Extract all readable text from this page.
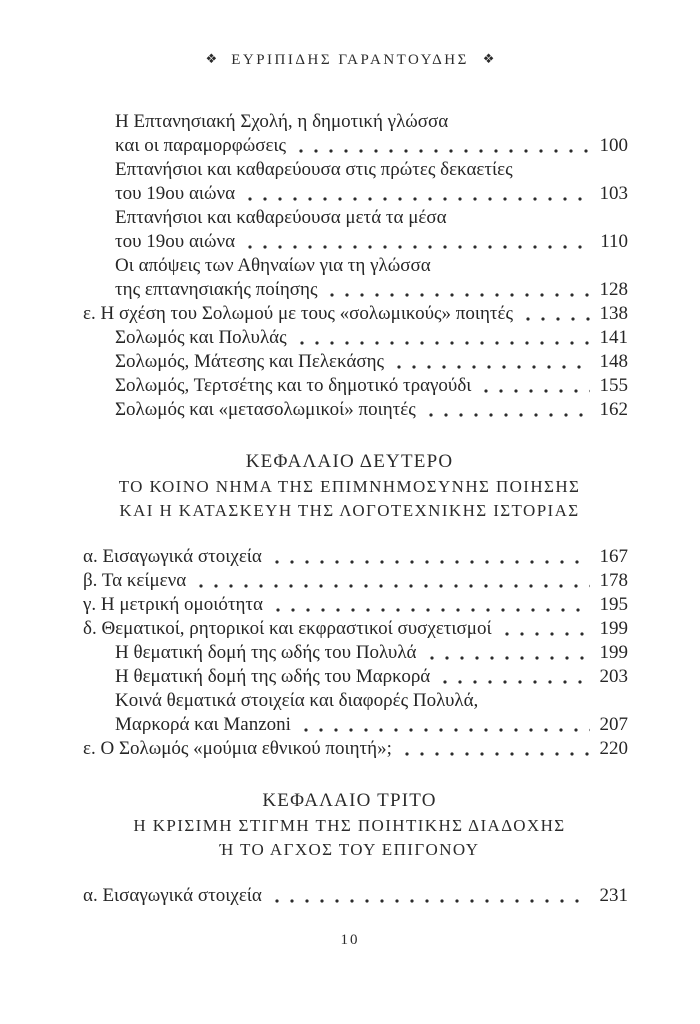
❖ ΕΥΡΙΠΙΔΗΣ ΓΑΡΑΝΤΟΥΔΗΣ ❖
Η Επτανησιακή Σχολή, η δημοτική γλώσσα
και οι παραμορφώσεις	100
Επτανήσιοι και καθαρεύουσα στις πρώτες δεκαετίες
του 19ου αιώνα	103
Επτανήσιοι και καθαρεύουσα μετά τα μέσα
του 19ου αιώνα	110
Οι απόψεις των Αθηναίων για τη γλώσσα
της επτανησιακής ποίησης	128
ε. Η σχέση του Σολωμού με τους «σολωμικούς» ποιητές	138
Σολωμός και Πολυλάς	141
Σολωμός, Μάτεσης και Πελεκάσης	148
Σολωμός, Τερτσέτης και το δημοτικό τραγούδι	155
Σολωμός και «μετασολωμικοί» ποιητές	162
ΚΕΦΑΛΑΙΟ ΔΕΥΤΕΡΟ
ΤΟ ΚΟΙΝΟ ΝΗΜΑ ΤΗΣ ΕΠΙΜΝΗΜΟΣΥΝΗΣ ΠΟΙΗΣΗΣ
ΚΑΙ Η ΚΑΤΑΣΚΕΥΗ ΤΗΣ ΛΟΓΟΤΕΧΝΙΚΗΣ ΙΣΤΟΡΙΑΣ
α. Εισαγωγικά στοιχεία	167
β. Τα κείμενα	178
γ. Η μετρική ομοιότητα	195
δ. Θεματικοί, ρητορικοί και εκφραστικοί συσχετισμοί	199
Η θεματική δομή της ωδής του Πολυλά	199
Η θεματική δομή της ωδής του Μαρκορά	203
Κοινά θεματικά στοιχεία και διαφορές Πολυλά,
Μαρκορά και Manzoni	207
ε. Ο Σολωμός «μούμια εθνικού ποιητή»;	220
ΚΕΦΑΛΑΙΟ ΤΡΙΤΟ
Η ΚΡΙΣΙΜΗ ΣΤΙΓΜΗ ΤΗΣ ΠΟΙΗΤΙΚΗΣ ΔΙΑΔΟΧΗΣ
Ή ΤΟ ΑΓΧΟΣ ΤΟΥ ΕΠΙΓΟΝΟΥ
α. Εισαγωγικά στοιχεία	231
10
